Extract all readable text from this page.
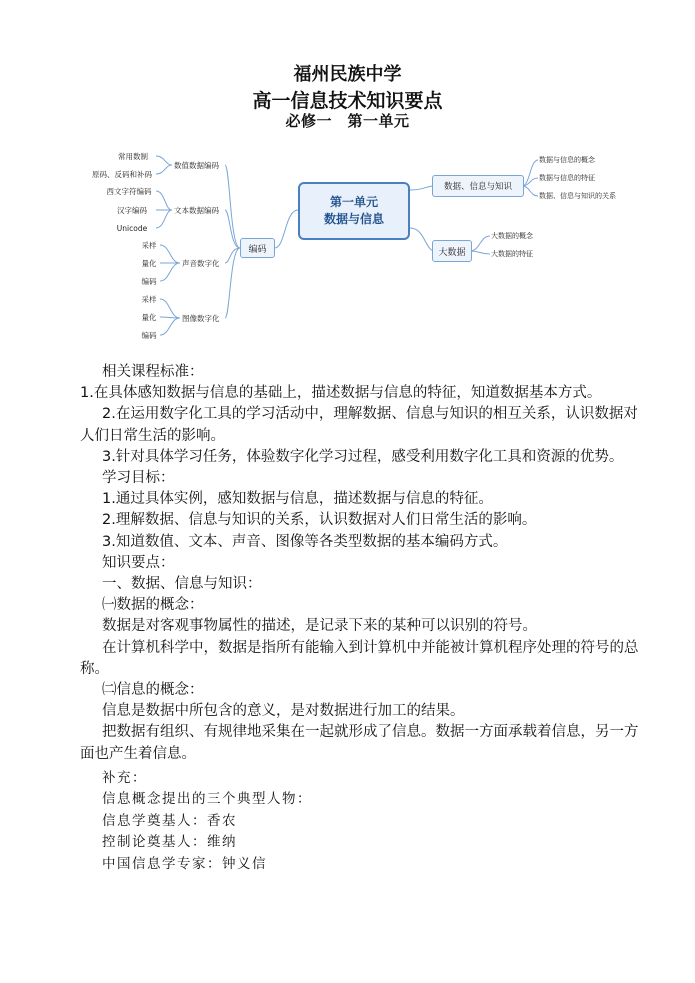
福州民族中学
高一信息技术知识要点
必修一　第一单元
第一单元
数据与信息
编码
数值数据编码
文本数据编码
声音数字化
图像数字化
常用数制
原码、反码和补码
西文字符编码
汉字编码
Unicode
采样
量化
编码
采样
量化
编码
数据、信息与知识
大数据
数据与信息的概念
数据与信息的特征
数据、信息与知识的关系
大数据的概念
大数据的特征

相关课程标准：

1.在具体感知数据与信息的基础上，描述数据与信息的特征，知道数据基本方式。

2.在运用数字化工具的学习活动中，理解数据、信息与知识的相互关系，认识数据对人们日常生活的影响。

3.针对具体学习任务，体验数字化学习过程，感受利用数字化工具和资源的优势。

学习目标：

1.通过具体实例，感知数据与信息，描述数据与信息的特征。

2.理解数据、信息与知识的关系，认识数据对人们日常生活的影响。

3.知道数值、文本、声音、图像等各类型数据的基本编码方式。

知识要点：

一、数据、信息与知识：

㈠数据的概念：

数据是对客观事物属性的描述，是记录下来的某种可以识别的符号。

在计算机科学中，数据是指所有能输入到计算机中并能被计算机程序处理的符号的总称。

㈡信息的概念：

信息是数据中所包含的意义，是对数据进行加工的结果。

把数据有组织、有规律地采集在一起就形成了信息。数据一方面承载着信息，另一方面也产生着信息。

补充：
信息概念提出的三个典型人物：
信息学奠基人：香农
控制论奠基人：维纳
中国信息学专家：钟义信
